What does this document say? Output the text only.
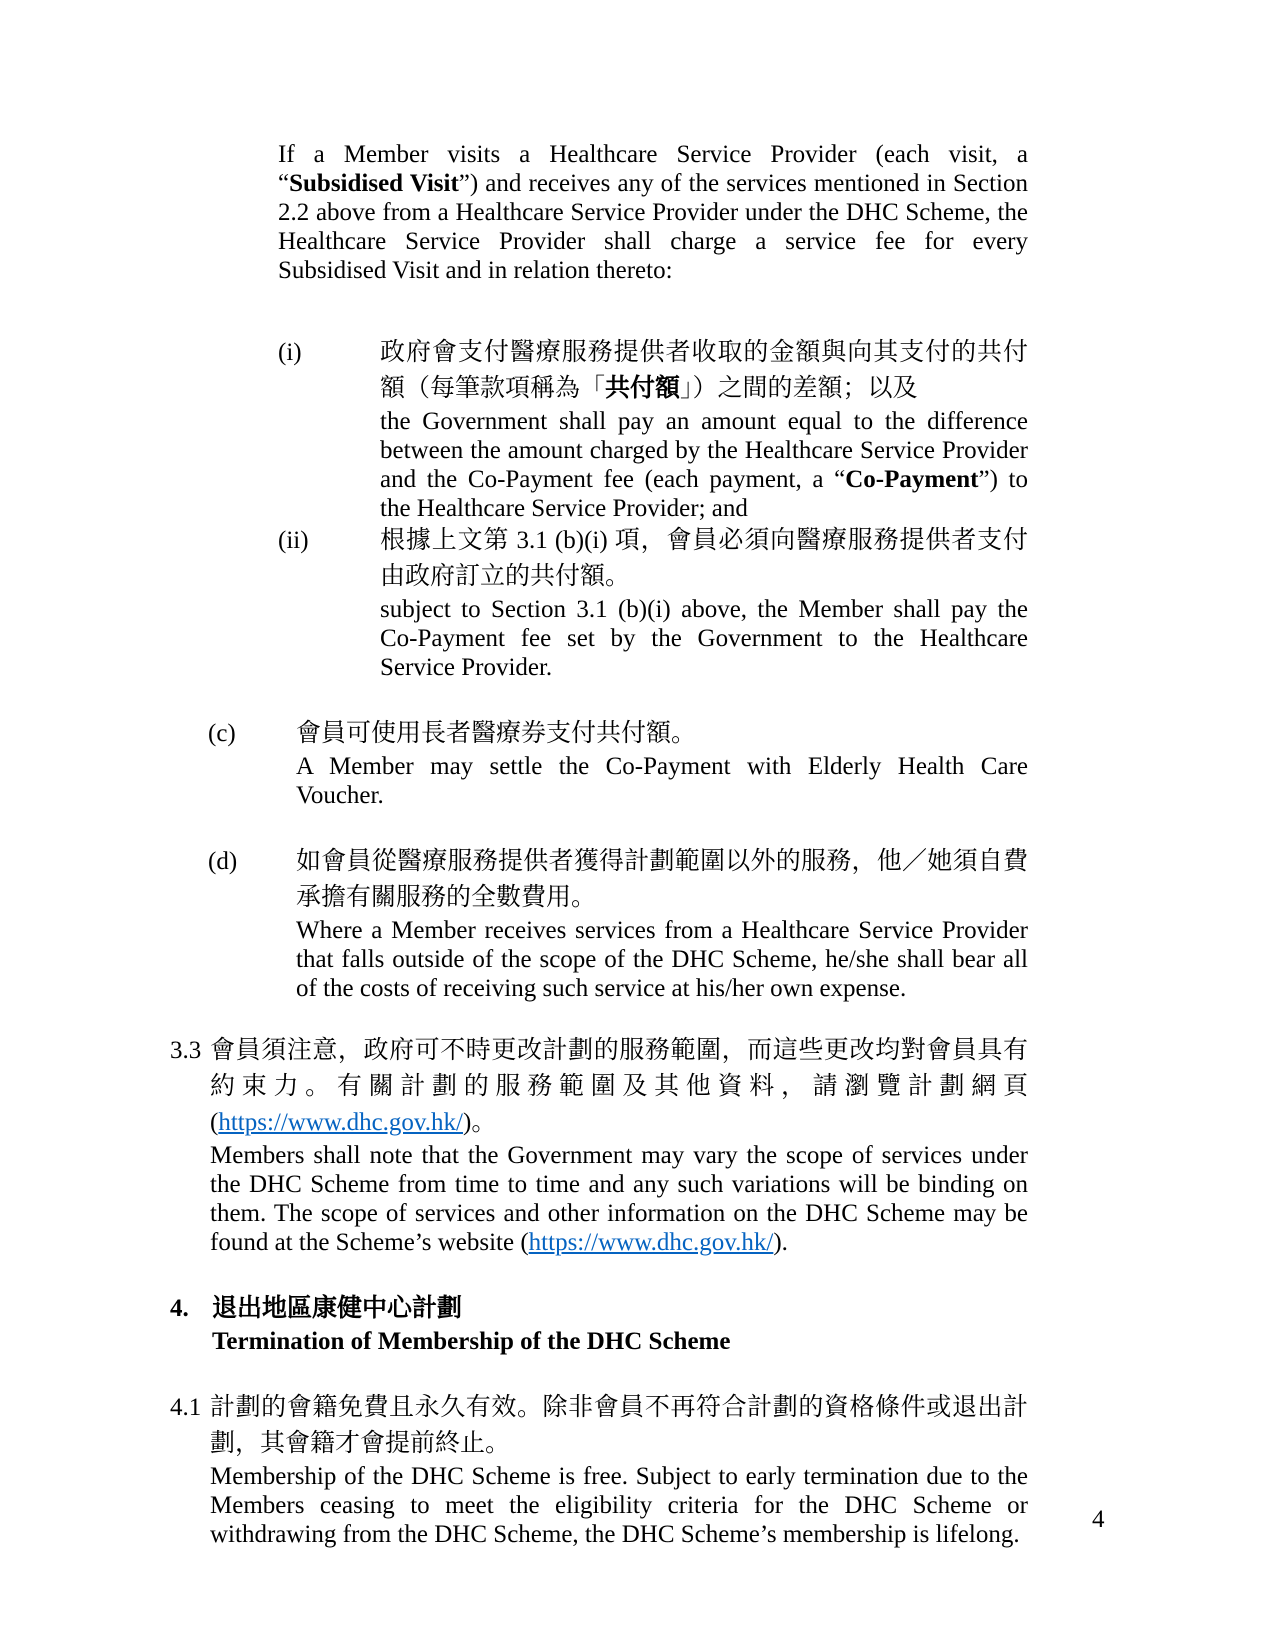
If a Member visits a Healthcare Service Provider (each visit, a “Subsidised Visit”) and receives any of the services mentioned in Section 2.2 above from a Healthcare Service Provider under the DHC Scheme, the Healthcare Service Provider shall charge a service fee for every Subsidised Visit and in relation thereto:

(i)	政府會支付醫療服務提供者收取的金額與向其支付的共付額（每筆款項稱為「共付額」）之間的差額；以及

the Government shall pay an amount equal to the difference between the amount charged by the Healthcare Service Provider and the Co-Payment fee (each payment, a “Co-Payment”) to the Healthcare Service Provider; and

(ii)	根據上文第 3.1 (b)(i) 項，會員必須向醫療服務提供者支付由政府訂立的共付額。

subject to Section 3.1 (b)(i) above, the Member shall pay the Co-Payment fee set by the Government to the Healthcare Service Provider.

(c)	會員可使用長者醫療券支付共付額。

A Member may settle the Co-Payment with Elderly Health Care Voucher.

(d)	如會員從醫療服務提供者獲得計劃範圍以外的服務，他／她須自費承擔有關服務的全數費用。

Where a Member receives services from a Healthcare Service Provider that falls outside of the scope of the DHC Scheme, he/she shall bear all of the costs of receiving such service at his/her own expense.

3.3 會員須注意，政府可不時更改計劃的服務範圍，而這些更改均對會員具有約束力。有關計劃的服務範圍及其他資料，請瀏覽計劃網頁(https://www.dhc.gov.hk/)。

Members shall note that the Government may vary the scope of services under the DHC Scheme from time to time and any such variations will be binding on them. The scope of services and other information on the DHC Scheme may be found at the Scheme’s website (https://www.dhc.gov.hk/).

4. 退出地區康健中心計劃

Termination of Membership of the DHC Scheme

4.1 計劃的會籍免費且永久有效。除非會員不再符合計劃的資格條件或退出計劃，其會籍才會提前終止。

Membership of the DHC Scheme is free. Subject to early termination due to the Members ceasing to meet the eligibility criteria for the DHC Scheme or withdrawing from the DHC Scheme, the DHC Scheme’s membership is lifelong.

4
